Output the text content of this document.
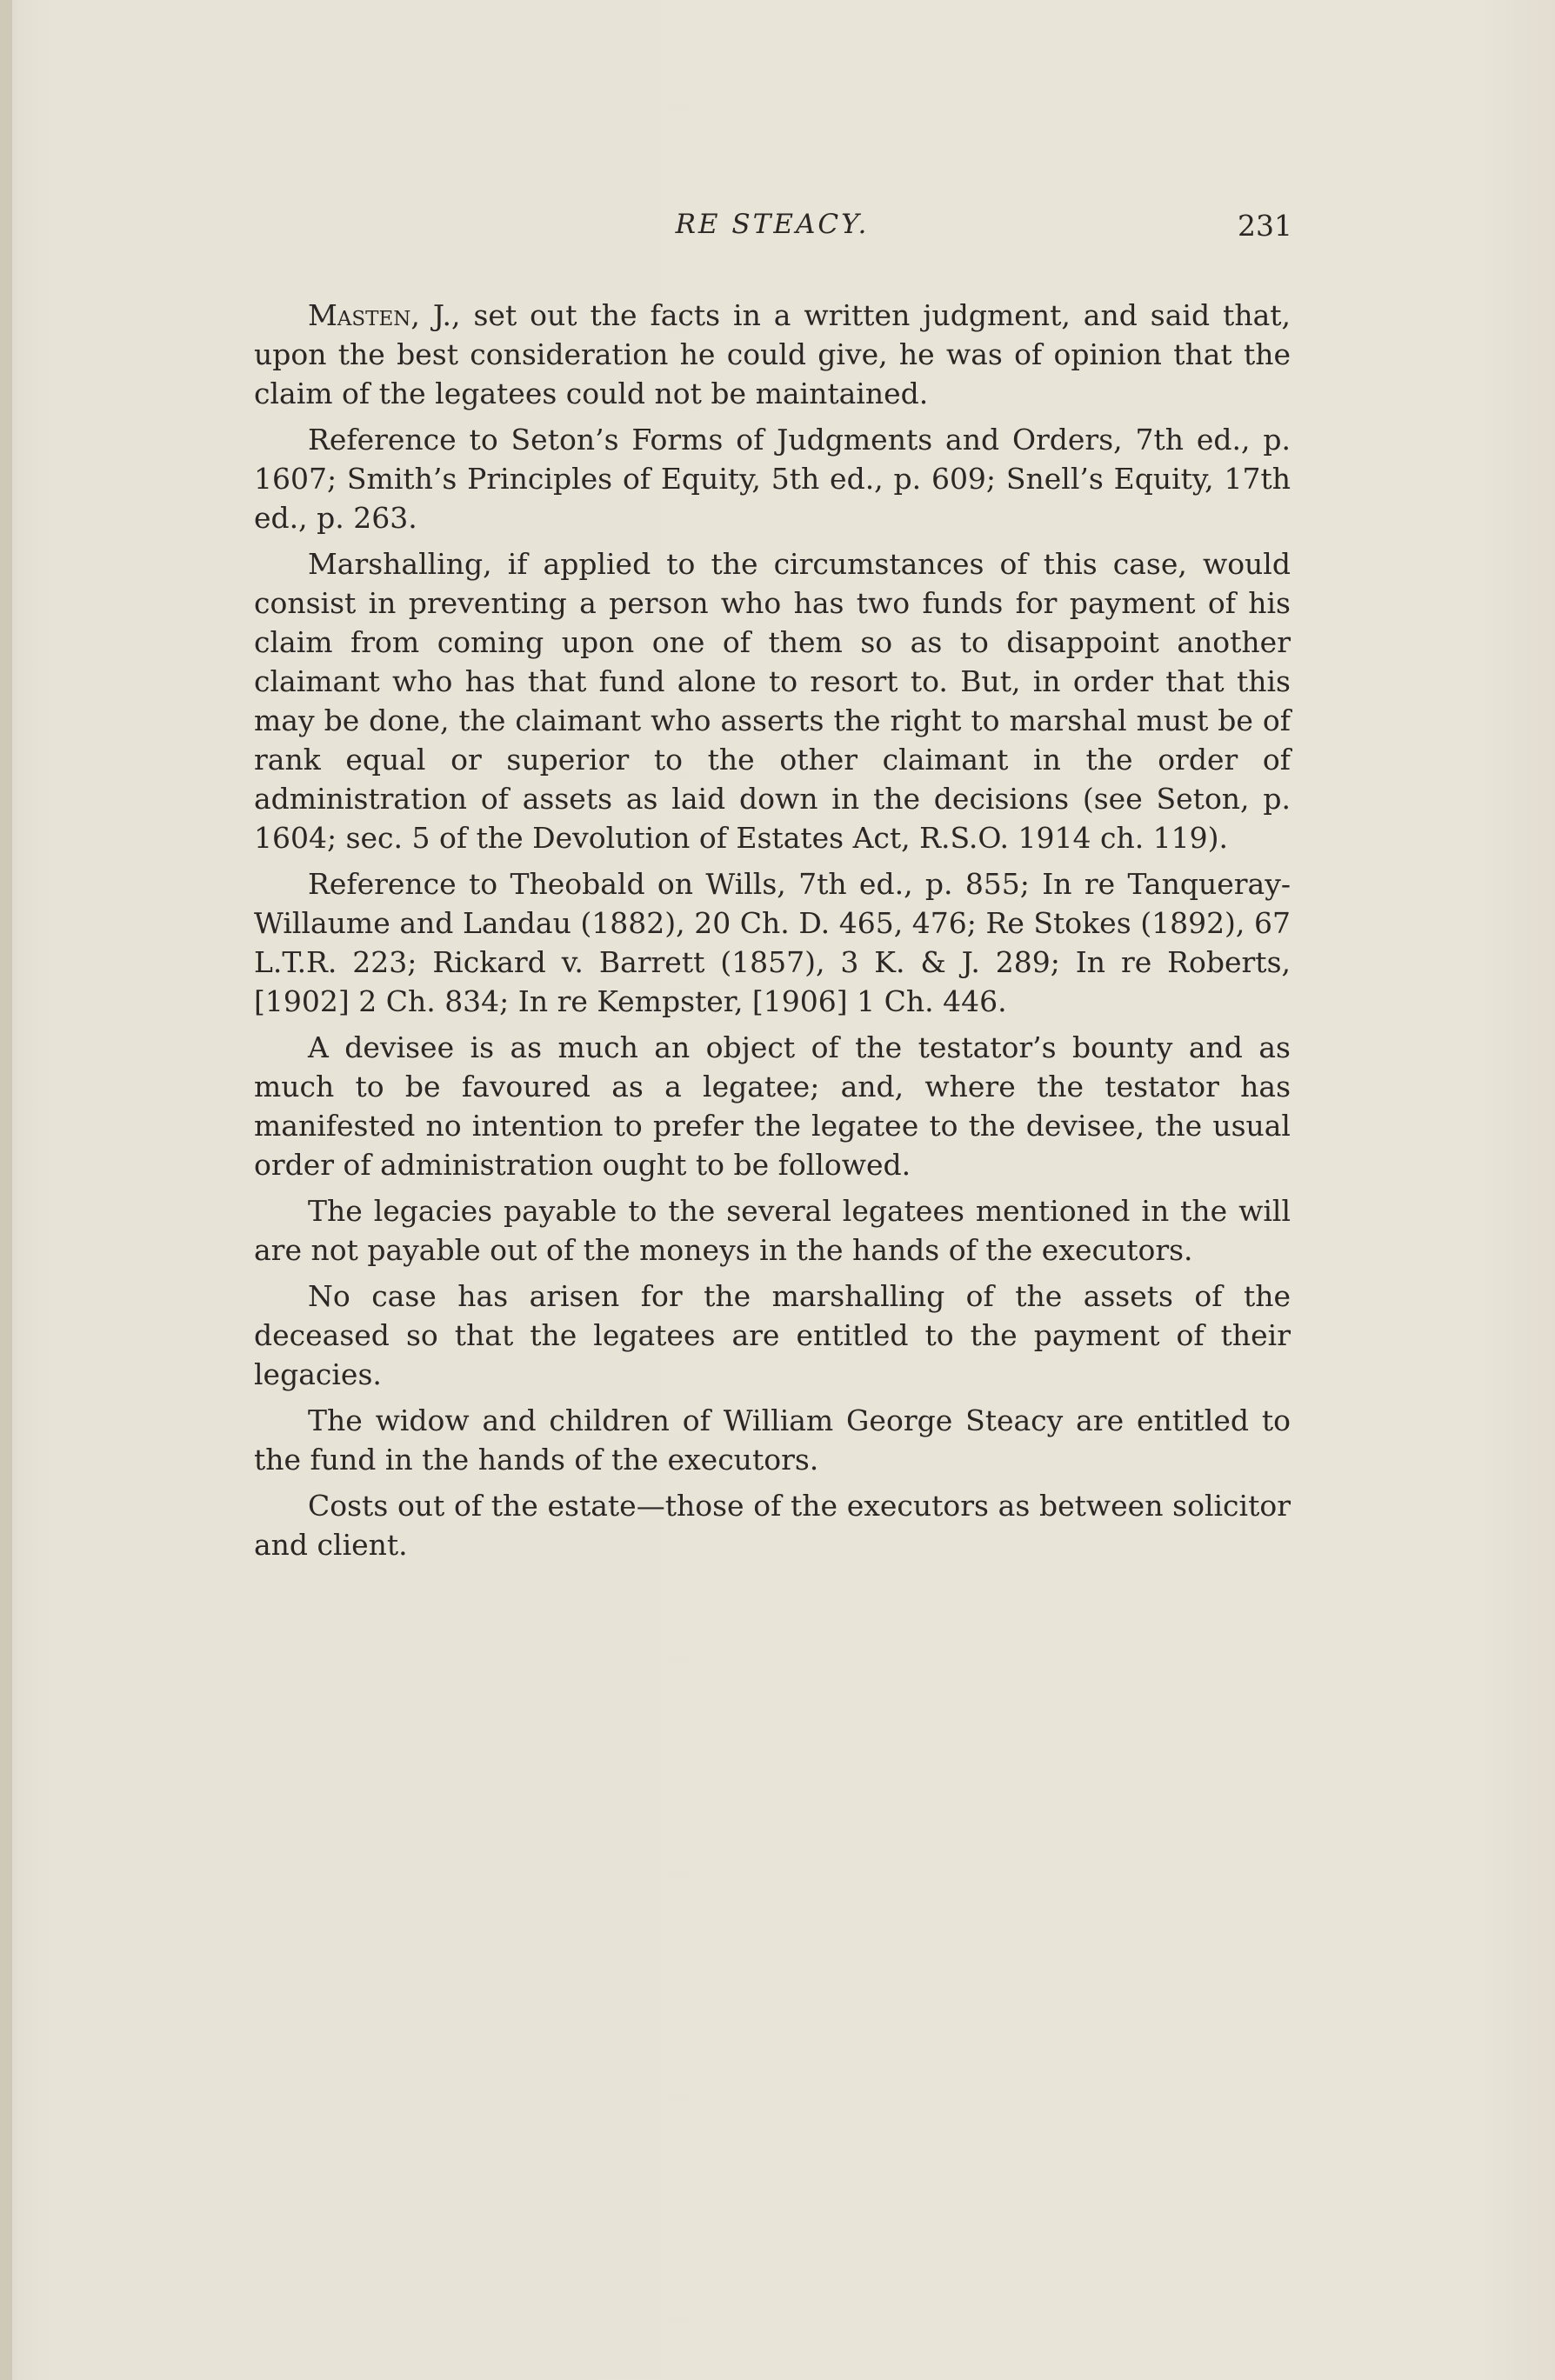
RE STEACY.	231

Masten, J., set out the facts in a written judgment, and said that, upon the best consideration he could give, he was of opinion that the claim of the legatees could not be maintained.

Reference to Seton’s Forms of Judgments and Orders, 7th ed., p. 1607; Smith’s Principles of Equity, 5th ed., p. 609; Snell’s Equity, 17th ed., p. 263.

Marshalling, if applied to the circumstances of this case, would consist in preventing a person who has two funds for payment of his claim from coming upon one of them so as to disappoint another claimant who has that fund alone to resort to. But, in order that this may be done, the claimant who asserts the right to marshal must be of rank equal or superior to the other claimant in the order of administration of assets as laid down in the decisions (see Seton, p. 1604; sec. 5 of the Devolution of Estates Act, R.S.O. 1914 ch. 119).

Reference to Theobald on Wills, 7th ed., p. 855; In re Tanqueray-Willaume and Landau (1882), 20 Ch. D. 465, 476; Re Stokes (1892), 67 L.T.R. 223; Rickard v. Barrett (1857), 3 K. & J. 289; In re Roberts, [1902] 2 Ch. 834; In re Kempster, [1906] 1 Ch. 446.

A devisee is as much an object of the testator’s bounty and as much to be favoured as a legatee; and, where the testator has manifested no intention to prefer the legatee to the devisee, the usual order of administration ought to be followed.

The legacies payable to the several legatees mentioned in the will are not payable out of the moneys in the hands of the executors.

No case has arisen for the marshalling of the assets of the deceased so that the legatees are entitled to the payment of their legacies.

The widow and children of William George Steacy are entitled to the fund in the hands of the executors.

Costs out of the estate—those of the executors as between solicitor and client.
